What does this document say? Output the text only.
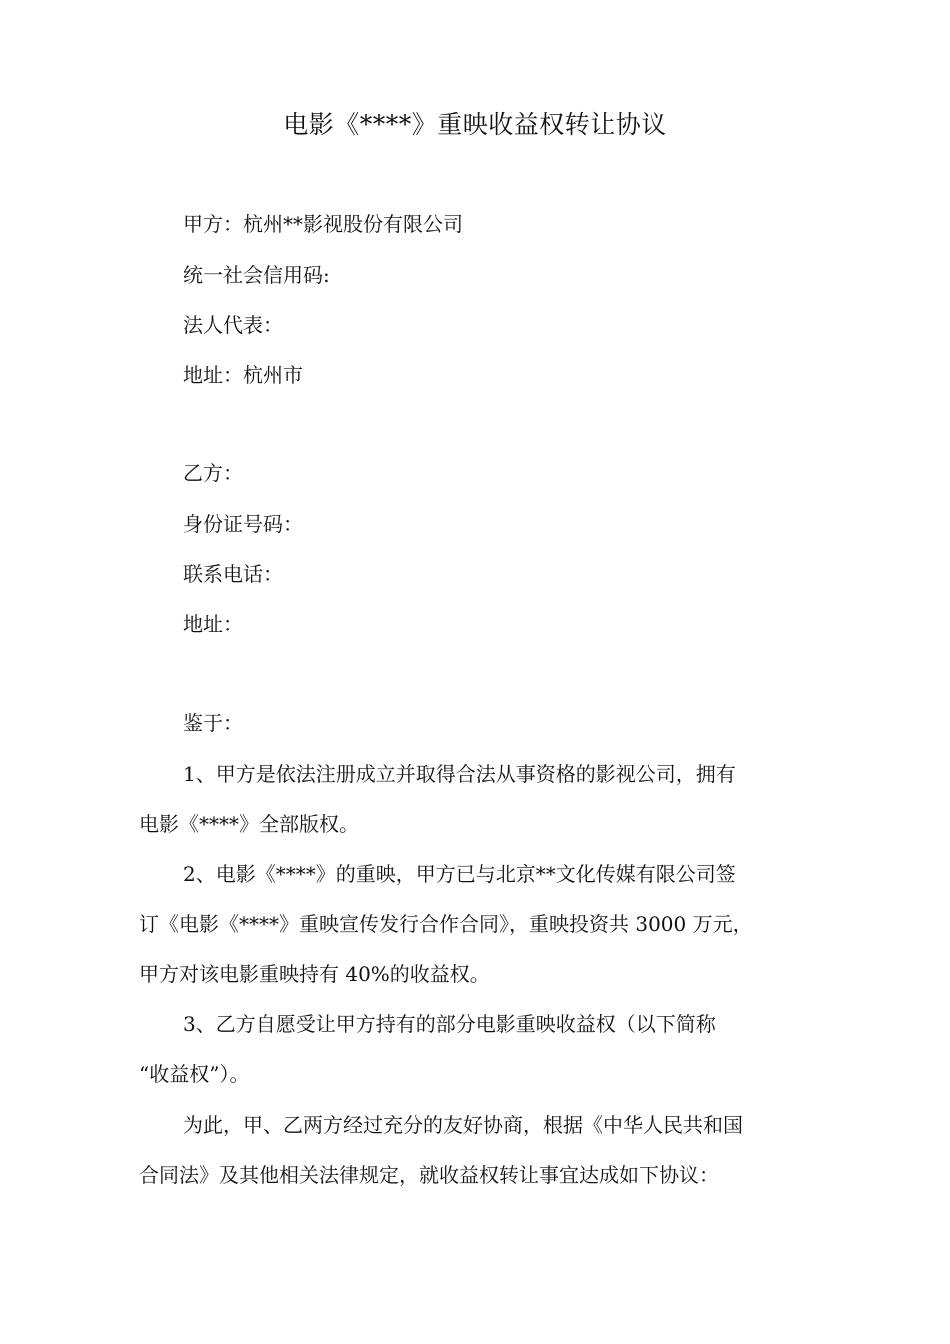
电影《****》重映收益权转让协议
甲方：杭州**影视股份有限公司
统一社会信用码:
法人代表：
地址：杭州市
乙方：
身份证号码：
联系电话：
地址：
鉴于：
1、甲方是依法注册成立并取得合法从事资格的影视公司，拥有
电影《****》全部版权。
2、电影《****》的重映，甲方已与北京**文化传媒有限公司签
订《电影《****》重映宣传发行合作合同》，重映投资共 3000 万元，
甲方对该电影重映持有 40%的收益权。
3、乙方自愿受让甲方持有的部分电影重映收益权（以下简称
“收益权”）。
为此，甲、乙两方经过充分的友好协商，根据《中华人民共和国
合同法》及其他相关法律规定，就收益权转让事宜达成如下协议：
